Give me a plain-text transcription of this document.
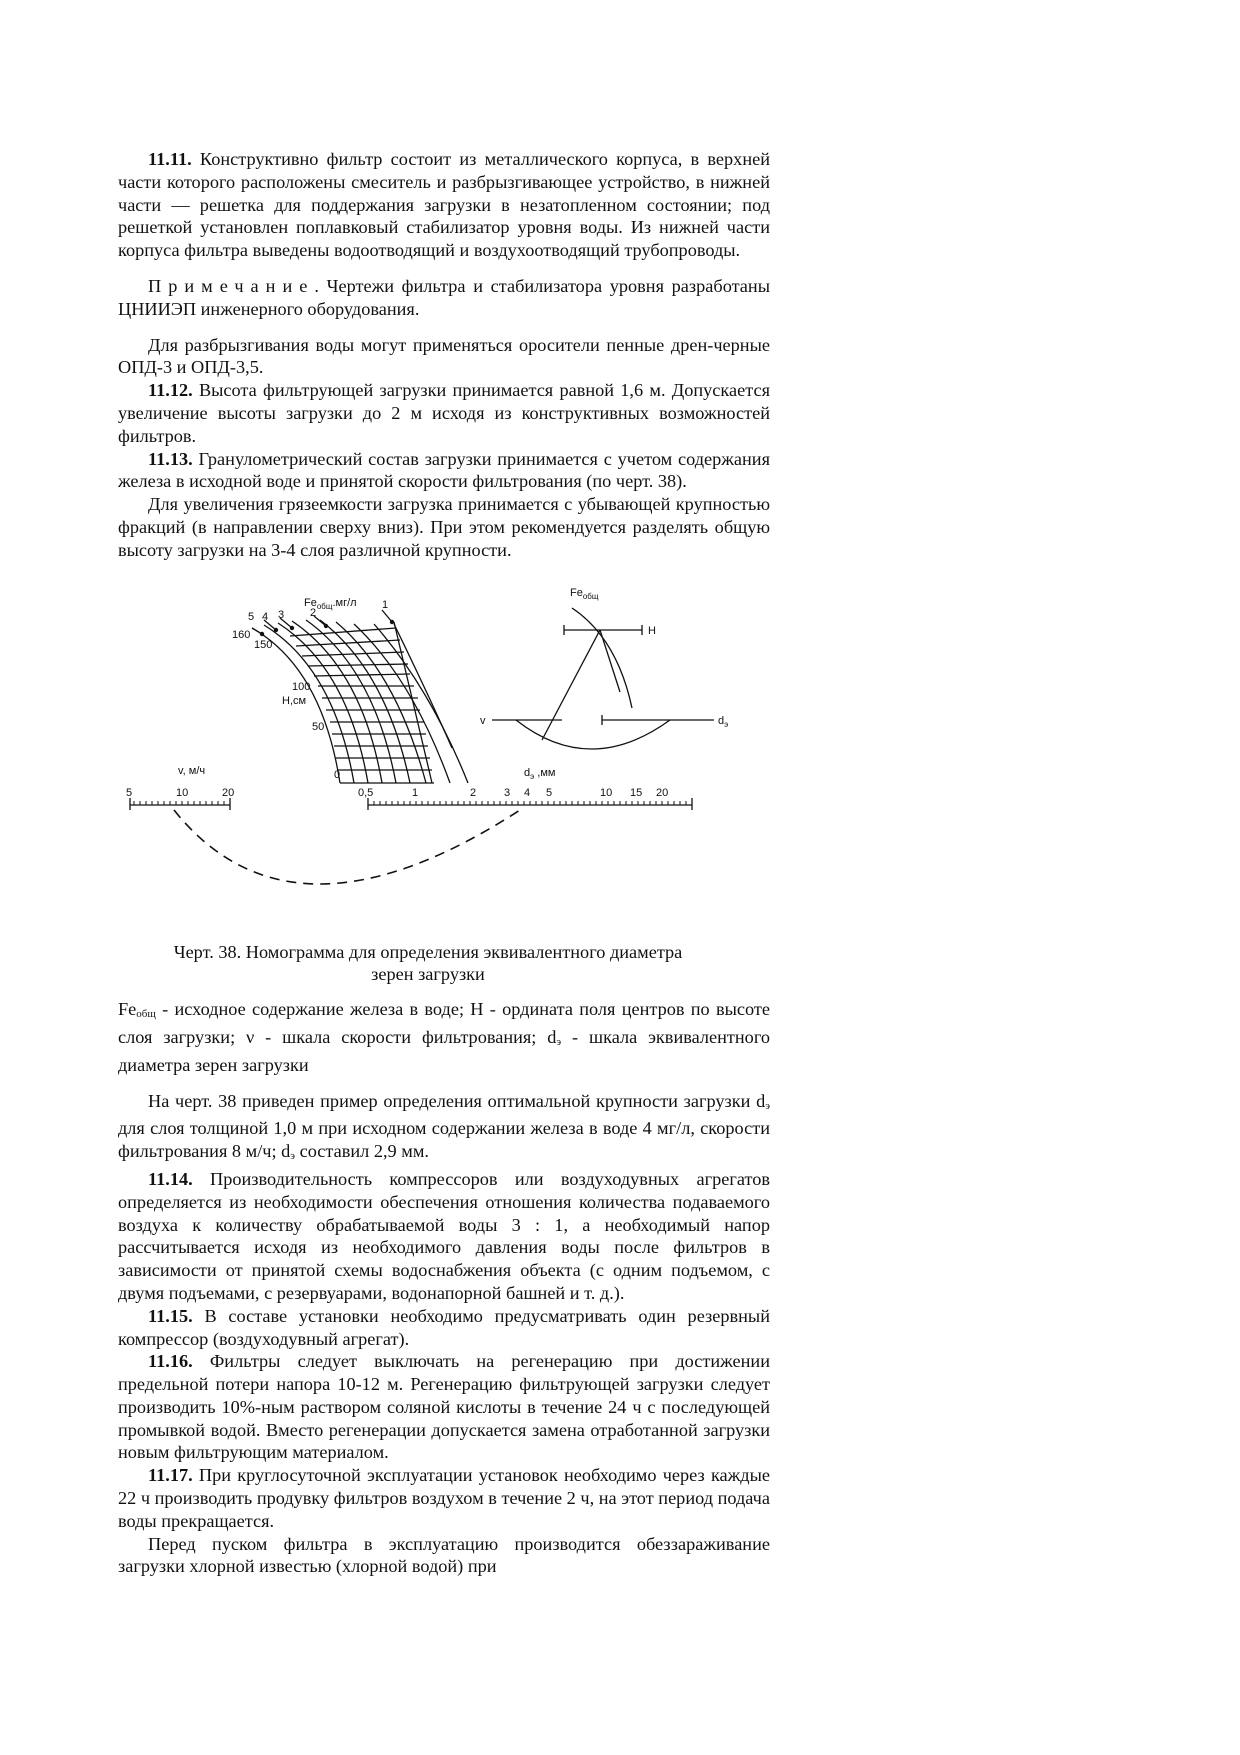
11.11. Конструктивно фильтр состоит из металлического корпуса, в верхней части которого расположены смеситель и разбрызгивающее устройство, в нижней части — решетка для поддержания загрузки в незатопленном состоянии; под решеткой установлен поплавковый стабилизатор уровня воды. Из нижней части корпуса фильтра выведены водоотводящий и воздухоотводящий трубопроводы.

Примечание. Чертежи фильтра и стабилизатора уровня разработаны ЦНИИЭП инженерного оборудования.

Для разбрызгивания воды могут применяться оросители пенные дрен-черные ОПД-3 и ОПД-3,5.

11.12. Высота фильтрующей загрузки принимается равной 1,6 м. Допускается увеличение высоты загрузки до 2 м исходя из конструктивных возможностей фильтров.

11.13. Гранулометрический состав загрузки принимается с учетом содержания железа в исходной воде и принятой скорости фильтрования (по черт. 38).

Для увеличения грязеемкости загрузка принимается с убывающей крупностью фракций (в направлении сверху вниз). При этом рекомендуется разделять общую высоту загрузки на 3-4 слоя различной крупности.

$Fe_{общ}.мг/л$
5 4 3 2
1
160
150
100
50
0
H,см
$Fe_{общ}$
H
v	$d_э$
v, м/ч
5	10	20
$d_э$ ,мм
0,5	1	2	3 4 5	10 15 20

Черт. 38. Номограмма для определения эквивалентного диаметра

зерен загрузки

$Fe_{общ}$ - исходное содержание железа в воде; Н - ордината поля центров по высоте слоя загрузки; ν - шкала скорости фильтрования; $d_э$ - шкала эквивалентного диаметра зерен загрузки

На черт. 38 приведен пример определения оптимальной крупности загрузки $d_э$ для слоя толщиной 1,0 м при исходном содержании железа в воде 4 мг/л, скорости фильтрования 8 м/ч; $d_э$ составил 2,9 мм.

11.14. Производительность компрессоров или воздуходувных агрегатов определяется из необходимости обеспечения отношения количества подаваемого воздуха к количеству обрабатываемой воды 3 : 1, а необходимый напор рассчитывается исходя из необходимого давления воды после фильтров в зависимости от принятой схемы водоснабжения объекта (с одним подъемом, с двумя подъемами, с резервуарами, водонапорной башней и т. д.).

11.15. В составе установки необходимо предусматривать один резервный компрессор (воздуходувный агрегат).

11.16. Фильтры следует выключать на регенерацию при достижении предельной потери напора 10-12 м. Регенерацию фильтрующей загрузки следует производить 10%-ным раствором соляной кислоты в течение 24 ч с последующей промывкой водой. Вместо регенерации допускается замена отработанной загрузки новым фильтрующим материалом.

11.17. При круглосуточной эксплуатации установок необходимо через каждые 22 ч производить продувку фильтров воздухом в течение 2 ч, на этот период подача воды прекращается.

Перед пуском фильтра в эксплуатацию производится обеззараживание загрузки хлорной известью (хлорной водой) при
